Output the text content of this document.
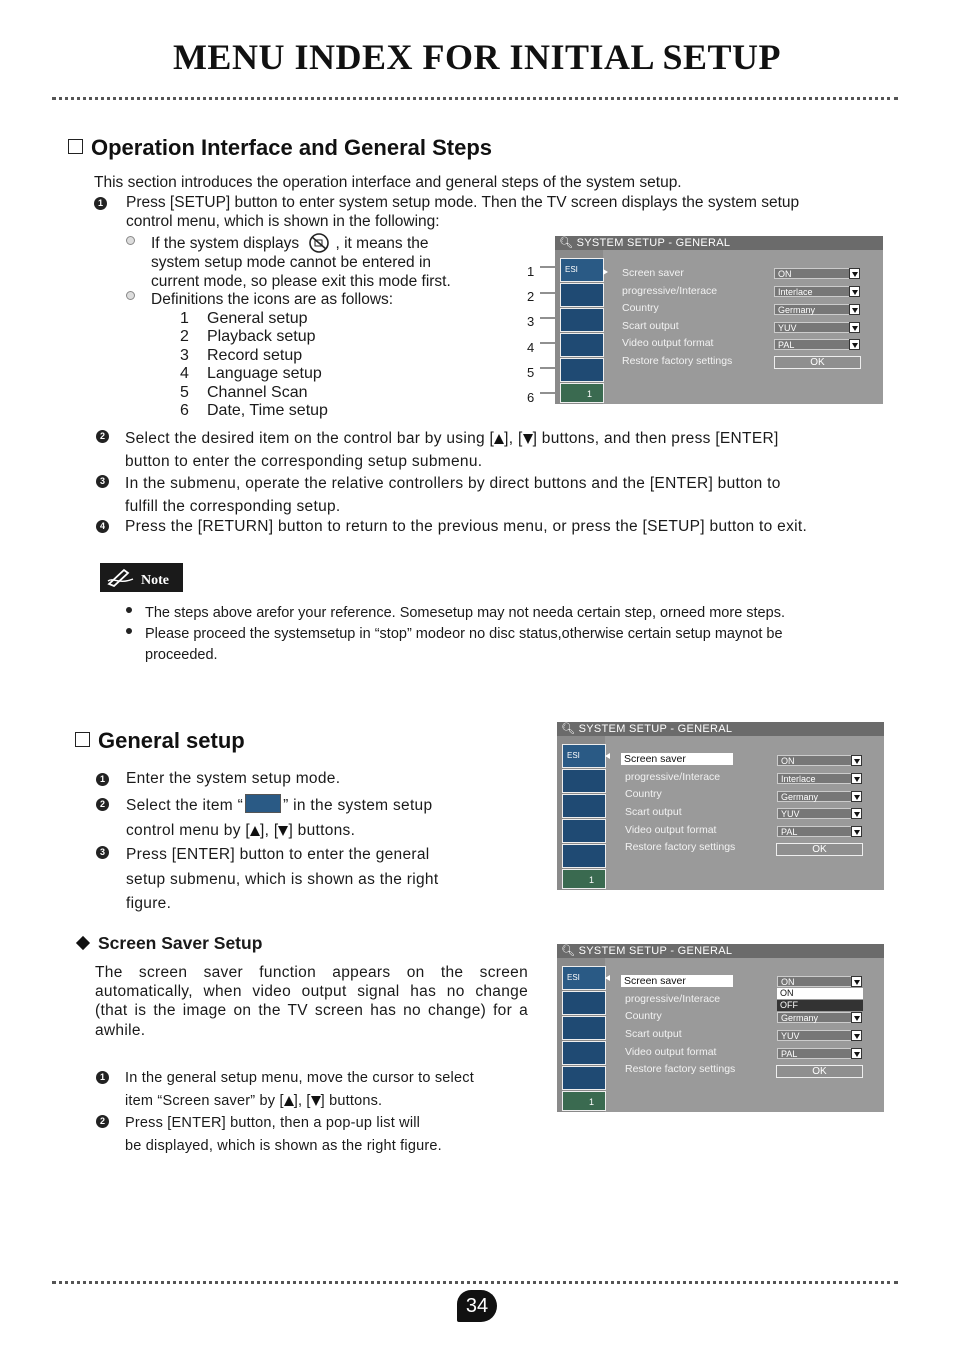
MENU INDEX FOR INITIAL SETUP
Operation Interface and General Steps
This section introduces the operation interface and general steps of the system setup.
1 Press [SETUP] button to enter system setup mode. Then the TV screen displays the system setup
control menu, which is shown in the following:
If the system displays , it means the
system setup mode cannot be entered in
current mode, so please exit this mode first.
Definitions the icons are as follows:
1 General setup
2 Playback setup
3 Record setup
4 Language setup
5 Channel Scan
6 Date, Time setup
1
2
3
4
5
6
🔍︎ SYSTEM SETUP - GENERAL
ESI
1
Screen saver
progressive/Interace
Country
Scart output
Video output format
Restore factory settings
ON
Interlace
Germany
YUV
PAL
OK
2 Select the desired item on the control bar by using [ ], [ ] buttons, and then press [ENTER]
button to enter the corresponding setup submenu.
3 In the submenu, operate the relative controllers by direct buttons and the [ENTER] button to
fulfill the corresponding setup.
4 Press the [RETURN] button to return to the previous menu, or press the [SETUP] button to exit.
Note
The steps above arefor your reference. Somesetup may not needa certain step, orneed more steps.
Please proceed the systemsetup in “stop” modeor no disc status,otherwise certain setup maynot be
proceeded.
General setup
1 Enter the system setup mode.
2 Select the item “	” in the system setup
control menu by [ ], [ ] buttons.
3 Press [ENTER] button to enter the general
setup submenu, which is shown as the right
figure.
🔍︎ SYSTEM SETUP - GENERAL
ESI
1
Screen saver
progressive/Interace
Country
Scart output
Video output format
Restore factory settings
ON
Interlace
Germany
YUV
PAL
OK
Screen Saver Setup
The screen saver function appears on the screen
automatically, when video output signal has no change
(that is the image on the TV screen has no change) for a
awhile.
1 In the general setup menu, move the cursor to select
item “Screen saver” by [ ], [ ] buttons.
2 Press [ENTER] button, then a pop-up list will
be displayed, which is shown as the right figure.
🔍︎ SYSTEM SETUP - GENERAL
ESI
1
Screen saver
progressive/Interace
Country
Scart output
Video output format
Restore factory settings
ON
ON
OFF
Germany
YUV
PAL
OK
34
